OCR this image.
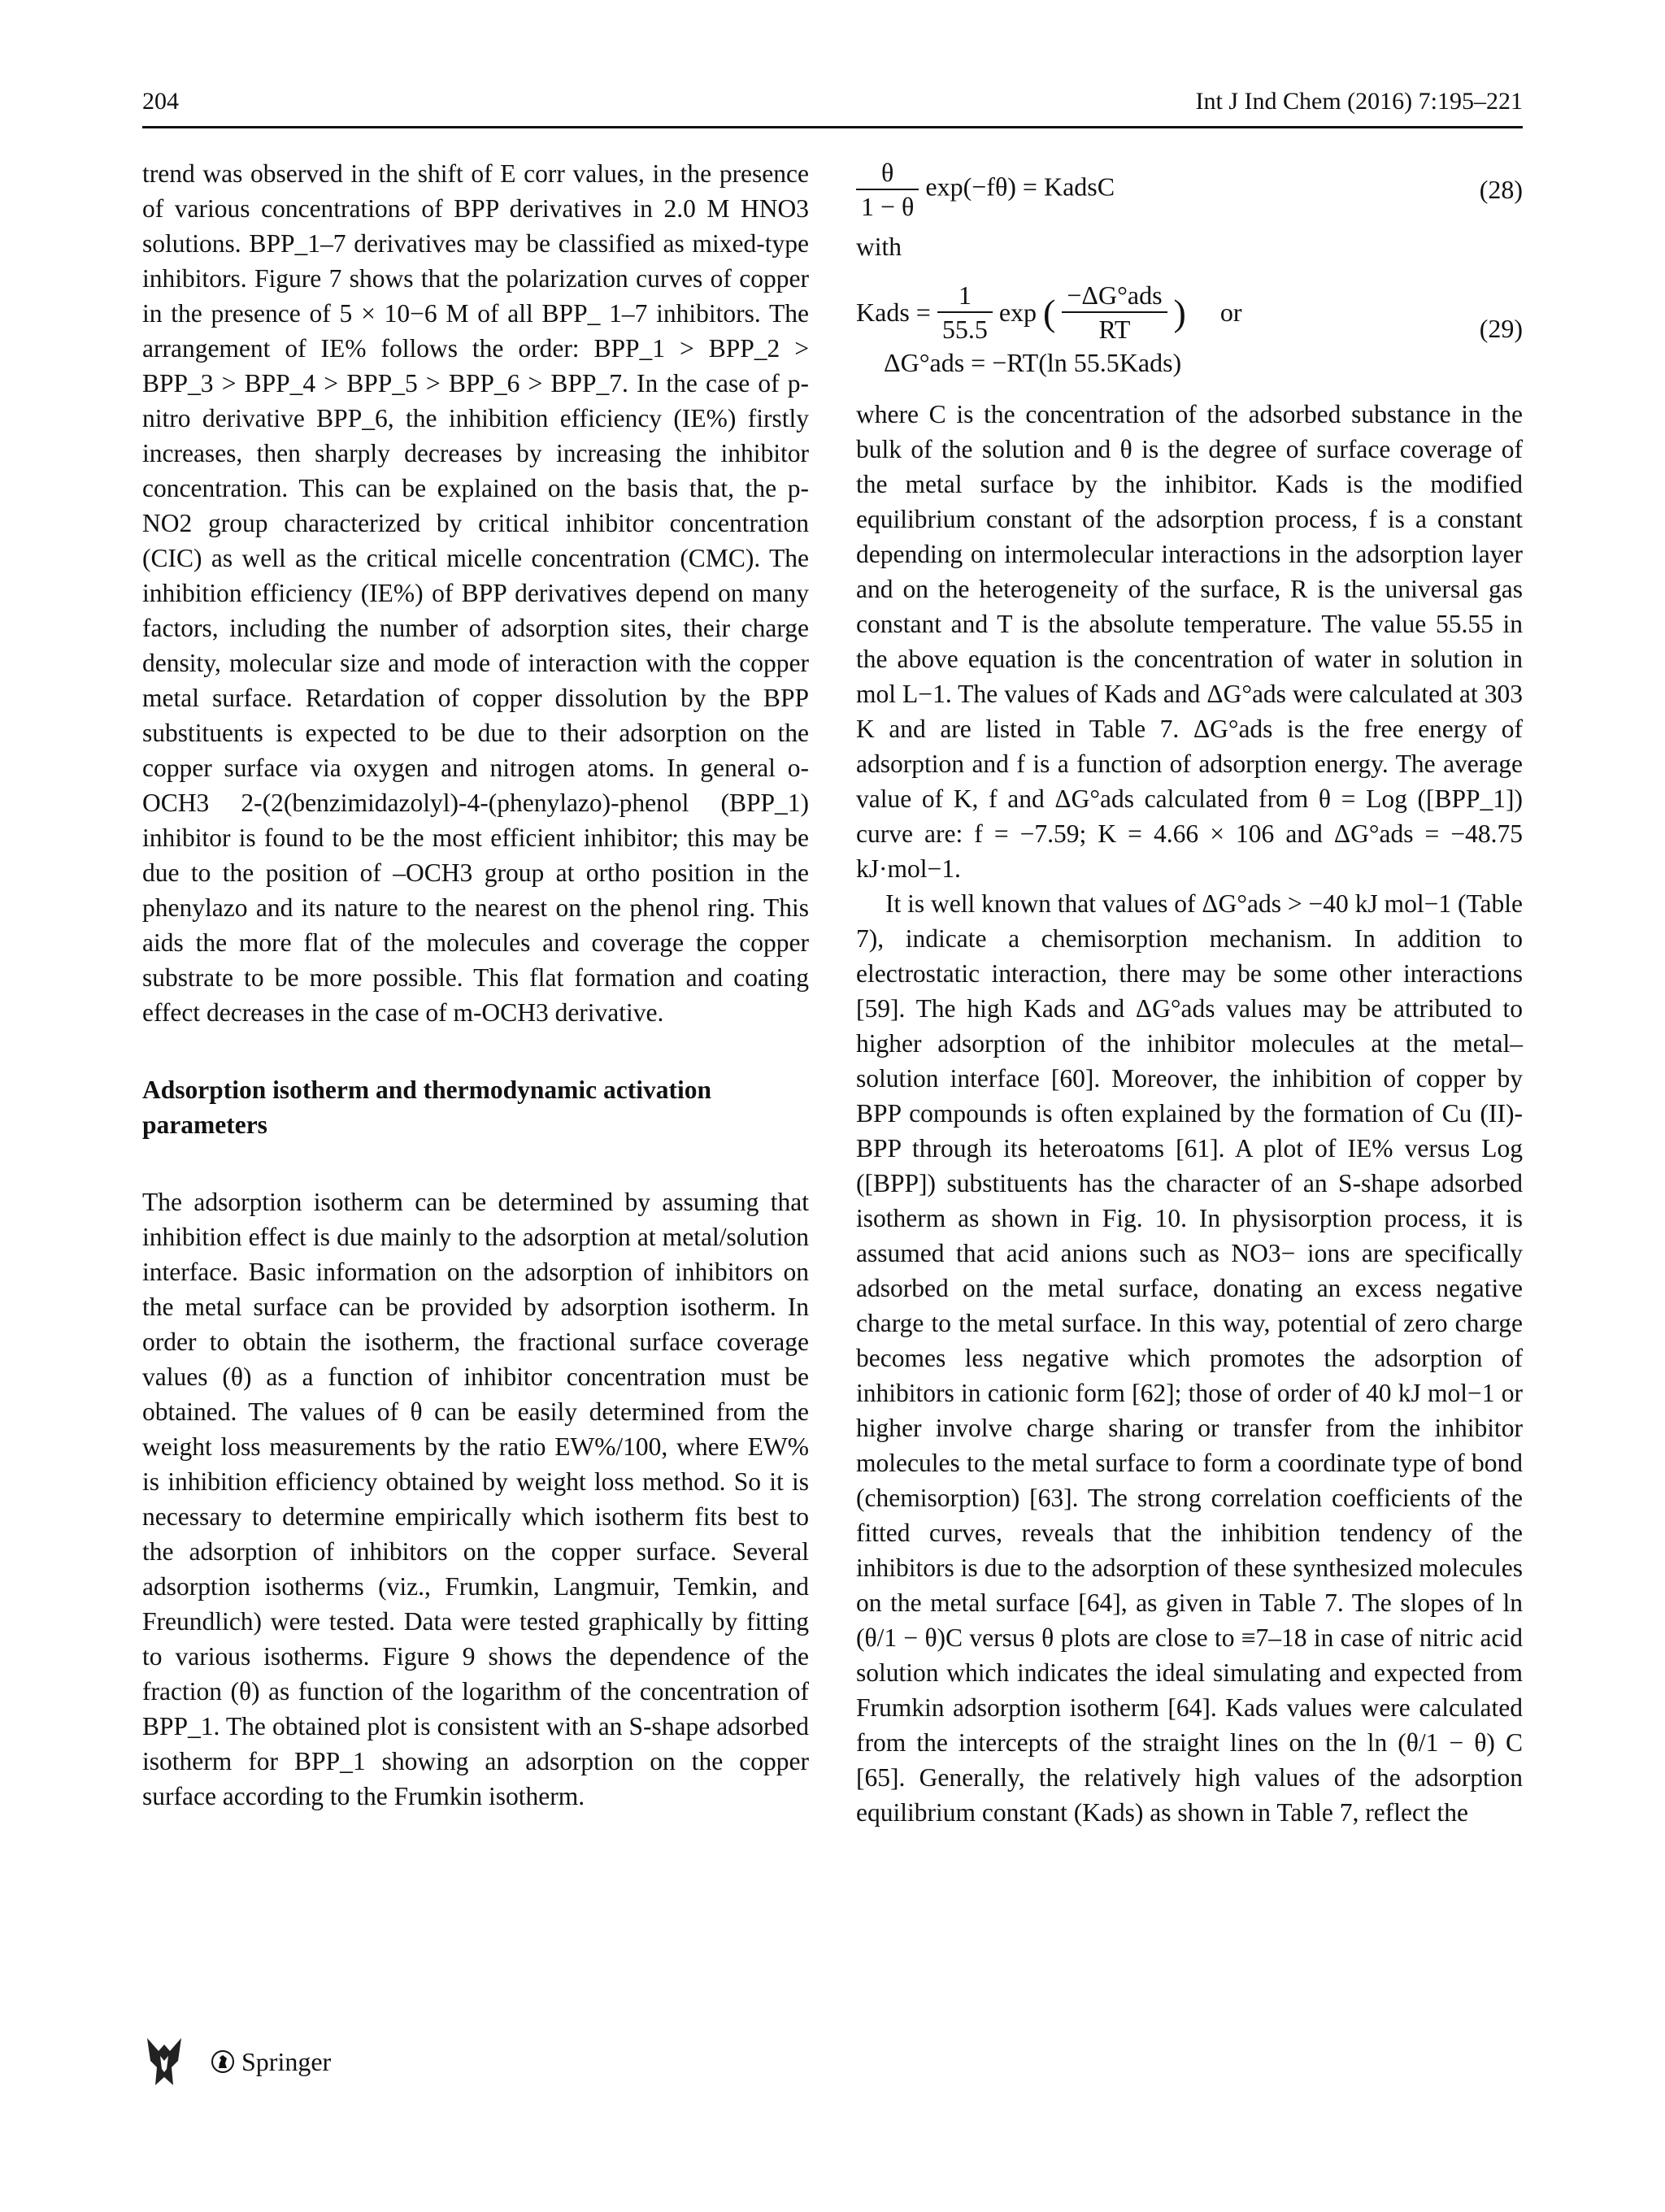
204	Int J Ind Chem (2016) 7:195–221

trend was observed in the shift of E corr values, in the presence of various concentrations of BPP derivatives in 2.0 M HNO3 solutions. BPP_1–7 derivatives may be classified as mixed-type inhibitors. Figure 7 shows that the polarization curves of copper in the presence of 5 × 10−6 M of all BPP_ 1–7 inhibitors. The arrangement of IE% follows the order: BPP_1 > BPP_2 > BPP_3 > BPP_4 > BPP_5 > BPP_6 > BPP_7. In the case of p-nitro derivative BPP_6, the inhibition efficiency (IE%) firstly increases, then sharply decreases by increasing the inhibitor concentration. This can be explained on the basis that, the p-NO2 group characterized by critical inhibitor concentration (CIC) as well as the critical micelle concentration (CMC). The inhibition efficiency (IE%) of BPP derivatives depend on many factors, including the number of adsorption sites, their charge density, molecular size and mode of interaction with the copper metal surface. Retardation of copper dissolution by the BPP substituents is expected to be due to their adsorption on the copper surface via oxygen and nitrogen atoms. In general o-OCH3 2-(2(benzimidazolyl)-4-(phenylazo)-phenol (BPP_1) inhibitor is found to be the most efficient inhibitor; this may be due to the position of –OCH3 group at ortho position in the phenylazo and its nature to the nearest on the phenol ring. This aids the more flat of the molecules and coverage the copper substrate to be more possible. This flat formation and coating effect decreases in the case of m-OCH3 derivative.

Adsorption isotherm and thermodynamic activation parameters

The adsorption isotherm can be determined by assuming that inhibition effect is due mainly to the adsorption at metal/solution interface. Basic information on the adsorption of inhibitors on the metal surface can be provided by adsorption isotherm. In order to obtain the isotherm, the fractional surface coverage values (θ) as a function of inhibitor concentration must be obtained. The values of θ can be easily determined from the weight loss measurements by the ratio EW%/100, where EW% is inhibition efficiency obtained by weight loss method. So it is necessary to determine empirically which isotherm fits best to the adsorption of inhibitors on the copper surface. Several adsorption isotherms (viz., Frumkin, Langmuir, Temkin, and Freundlich) were tested. Data were tested graphically by fitting to various isotherms. Figure 9 shows the dependence of the fraction (θ) as function of the logarithm of the concentration of BPP_1. The obtained plot is consistent with an S-shape adsorbed isotherm for BPP_1 showing an adsorption on the copper surface according to the Frumkin isotherm.

$\frac{\theta}{1 - \theta} \exp(-f\theta)$ = KadsC	(28)

with

Kads = $\frac{1}{55.5}$ exp ( $\frac{\text{−ΔG°ads}}{RT}$ ) or
ΔG°ads = −RT(ln 55.5Kads)
(29)

where C is the concentration of the adsorbed substance in the bulk of the solution and θ is the degree of surface coverage of the metal surface by the inhibitor. Kads is the modified equilibrium constant of the adsorption process, f is a constant depending on intermolecular interactions in the adsorption layer and on the heterogeneity of the surface, R is the universal gas constant and T is the absolute temperature. The value 55.55 in the above equation is the concentration of water in solution in mol L−1. The values of Kads and ΔG°ads were calculated at 303 K and are listed in Table 7. ΔG°ads is the free energy of adsorption and f is a function of adsorption energy. The average value of K, f and ΔG°ads calculated from θ = Log ([BPP_1]) curve are: f = −7.59; K = 4.66 × 106 and ΔG°ads = −48.75 kJ·mol−1.

It is well known that values of ΔG°ads > −40 kJ mol−1 (Table 7), indicate a chemisorption mechanism. In addition to electrostatic interaction, there may be some other interactions [59]. The high Kads and ΔG°ads values may be attributed to higher adsorption of the inhibitor molecules at the metal–solution interface [60]. Moreover, the inhibition of copper by BPP compounds is often explained by the formation of Cu (II)-BPP through its heteroatoms [61]. A plot of IE% versus Log ([BPP]) substituents has the character of an S-shape adsorbed isotherm as shown in Fig. 10. In physisorption process, it is assumed that acid anions such as NO3− ions are specifically adsorbed on the metal surface, donating an excess negative charge to the metal surface. In this way, potential of zero charge becomes less negative which promotes the adsorption of inhibitors in cationic form [62]; those of order of 40 kJ mol−1 or higher involve charge sharing or transfer from the inhibitor molecules to the metal surface to form a coordinate type of bond (chemisorption) [63]. The strong correlation coefficients of the fitted curves, reveals that the inhibition tendency of the inhibitors is due to the adsorption of these synthesized molecules on the metal surface [64], as given in Table 7. The slopes of ln (θ/1 − θ)C versus θ plots are close to ≡7–18 in case of nitric acid solution which indicates the ideal simulating and expected from Frumkin adsorption isotherm [64]. Kads values were calculated from the intercepts of the straight lines on the ln (θ/1 − θ) C [65]. Generally, the relatively high values of the adsorption equilibrium constant (Kads) as shown in Table 7, reflect the

Springer
